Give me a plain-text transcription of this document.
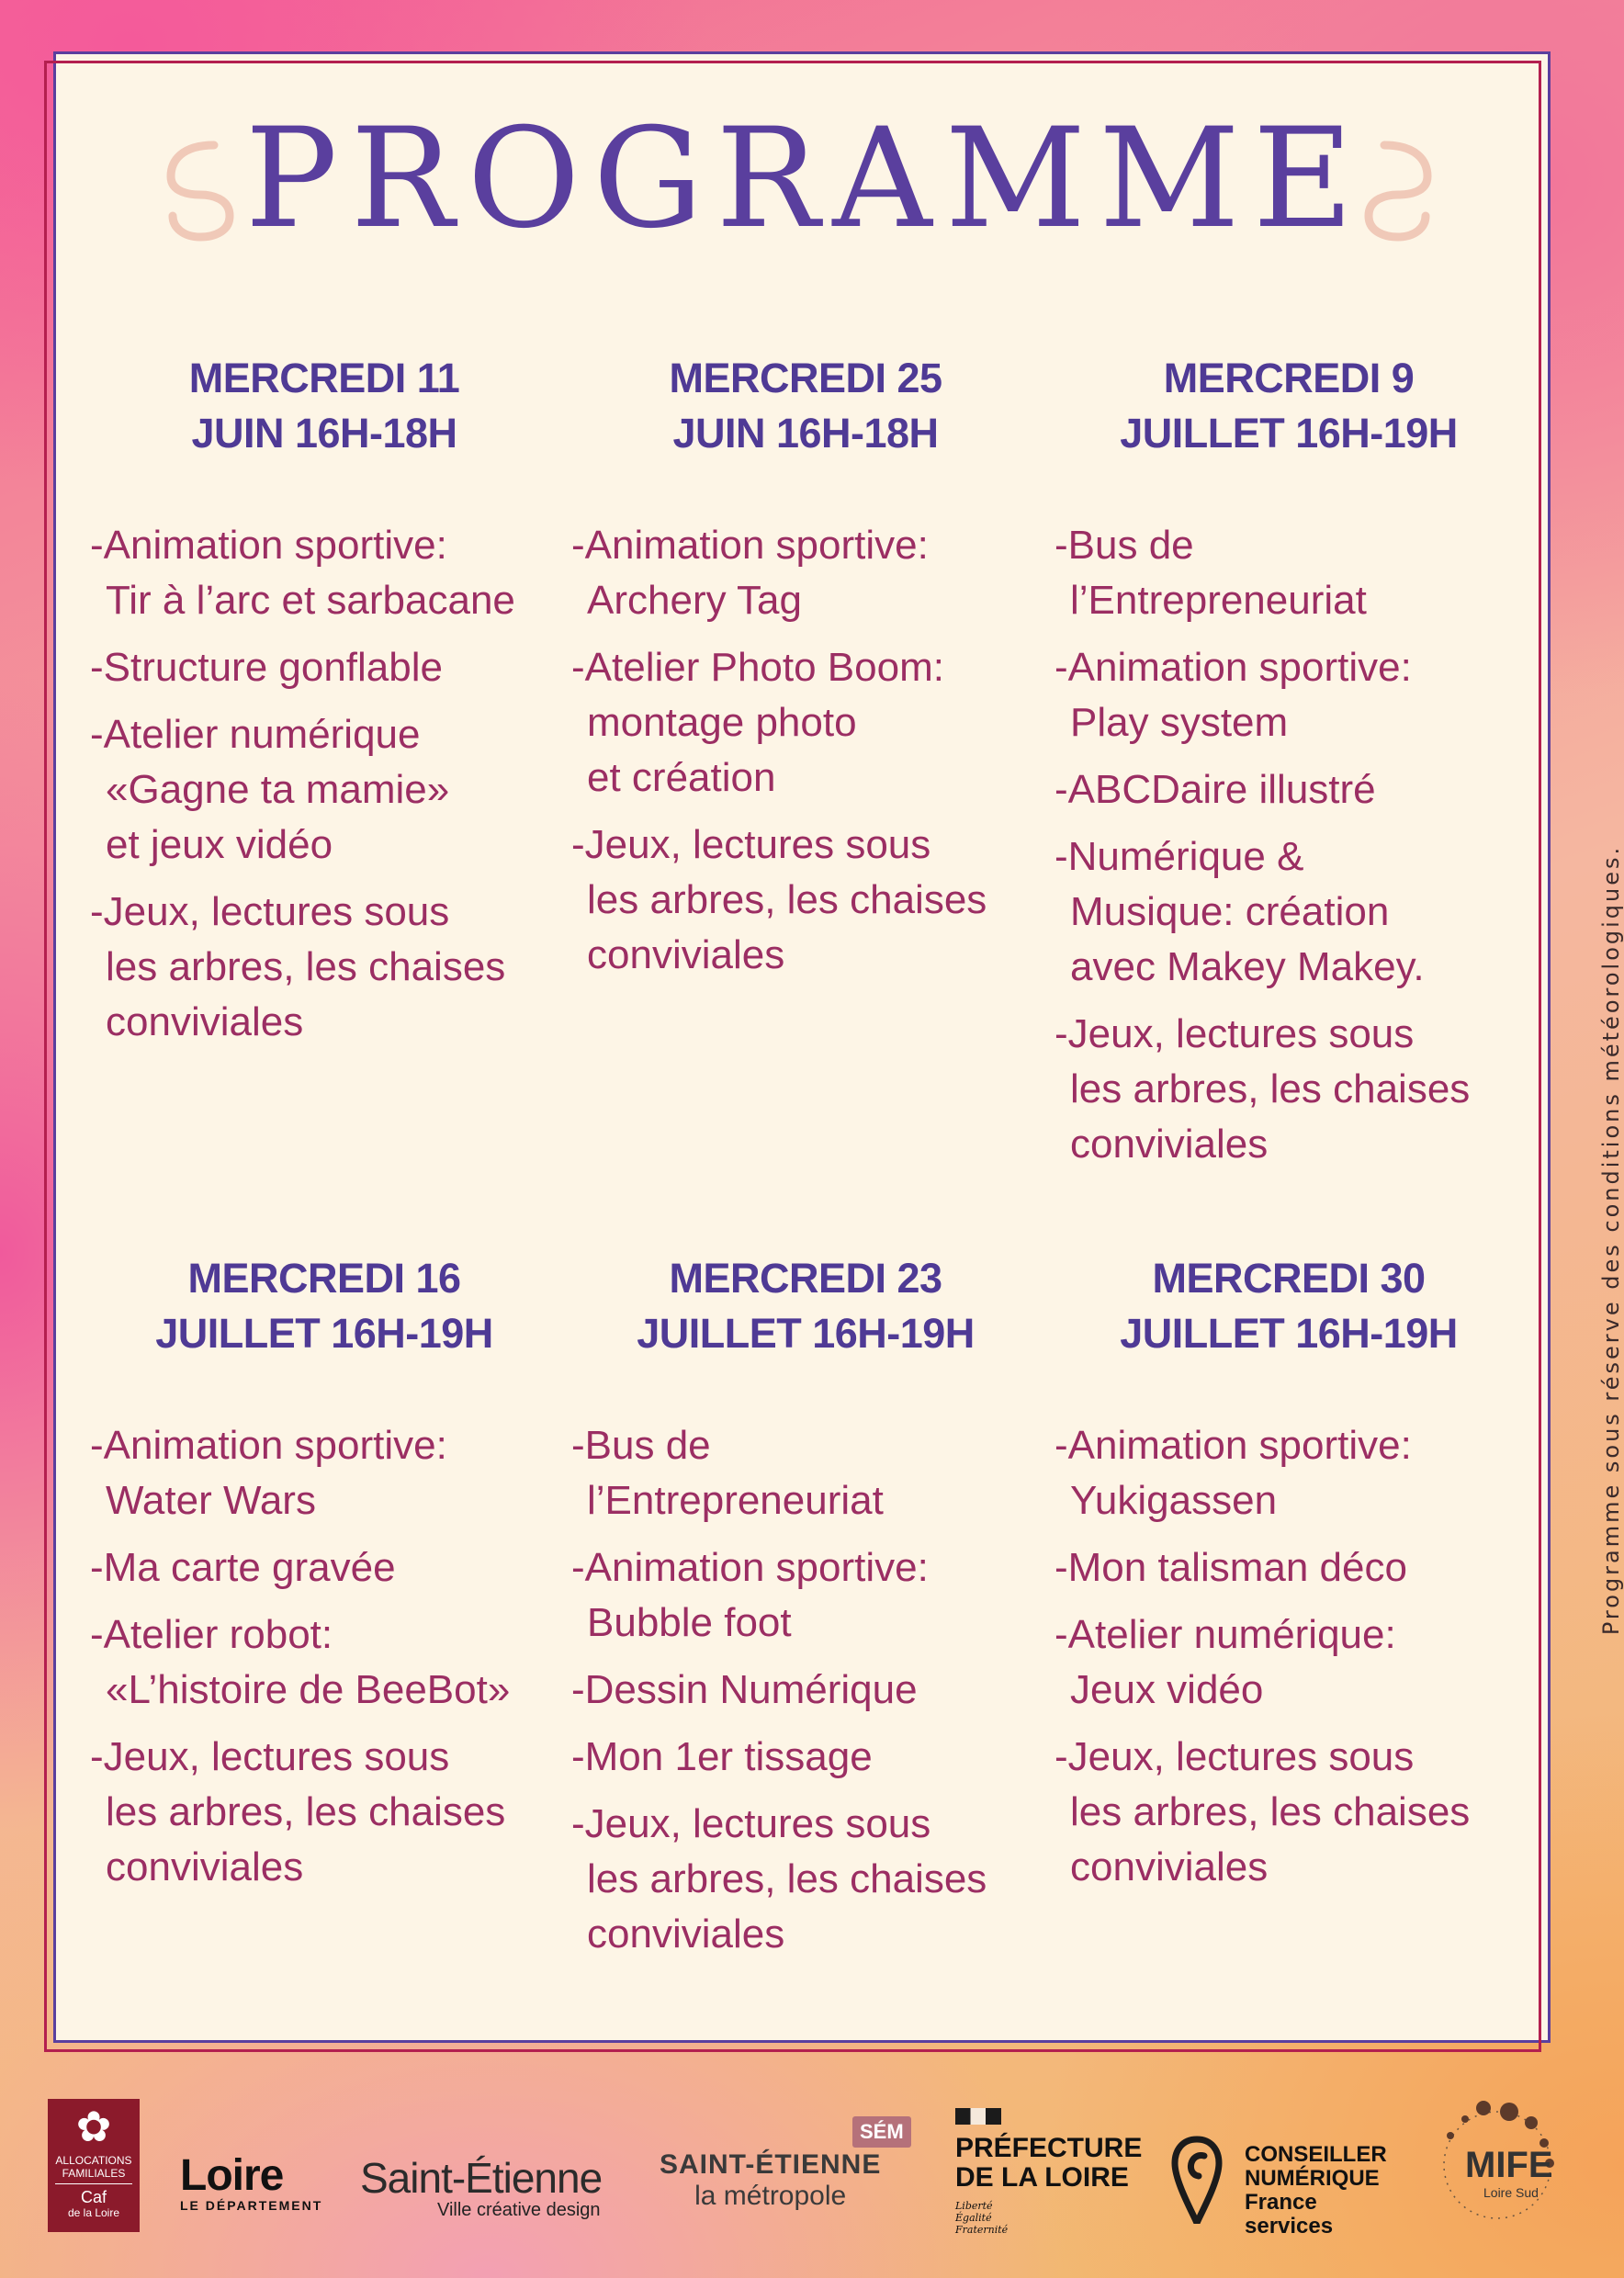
PROGRAMME

MERCREDI 11
JUIN 16H-18H

-Animation sportive:
Tir à l’arc et sarbacane
-Structure gonflable
-Atelier numérique
«Gagne ta mamie»
et jeux vidéo
-Jeux, lectures sous
les arbres, les chaises
conviviales

MERCREDI 25
JUIN 16H-18H

-Animation sportive:
Archery Tag
-Atelier Photo Boom:
montage photo
et création
-Jeux, lectures sous
les arbres, les chaises
conviviales

MERCREDI 9
JUILLET 16H-19H

-Bus de
l’Entrepreneuriat
-Animation sportive:
Play system
-ABCDaire illustré
-Numérique &
Musique: création
avec Makey Makey.
-Jeux, lectures sous
les arbres, les chaises
conviviales

MERCREDI 16
JUILLET 16H-19H

-Animation sportive:
Water Wars
-Ma carte gravée
-Atelier robot:
«L’histoire de BeeBot»
-Jeux, lectures sous
les arbres, les chaises
conviviales

MERCREDI 23
JUILLET 16H-19H

-Bus de
l’Entrepreneuriat
-Animation sportive:
Bubble foot
-Dessin Numérique
-Mon 1er tissage
-Jeux, lectures sous
les arbres, les chaises
conviviales

MERCREDI 30
JUILLET 16H-19H

-Animation sportive:
Yukigassen
-Mon talisman déco
-Atelier numérique:
Jeux vidéo
-Jeux, lectures sous
les arbres, les chaises
conviviales
Programme sous réserve des conditions météorologiques.
✿
ALLOCATIONS FAMILIALES
Caf
de la Loire
Loire
LE DÉPARTEMENT
Saint-Étienne
Ville créative design
SÉM
SAINT-ÉTIENNE
la métropole
PRÉFECTURE
DE LA LOIRE
Liberté
Égalité
Fraternité
CONSEILLER
NUMÉRIQUE
France
services
MIFE
Loire Sud
